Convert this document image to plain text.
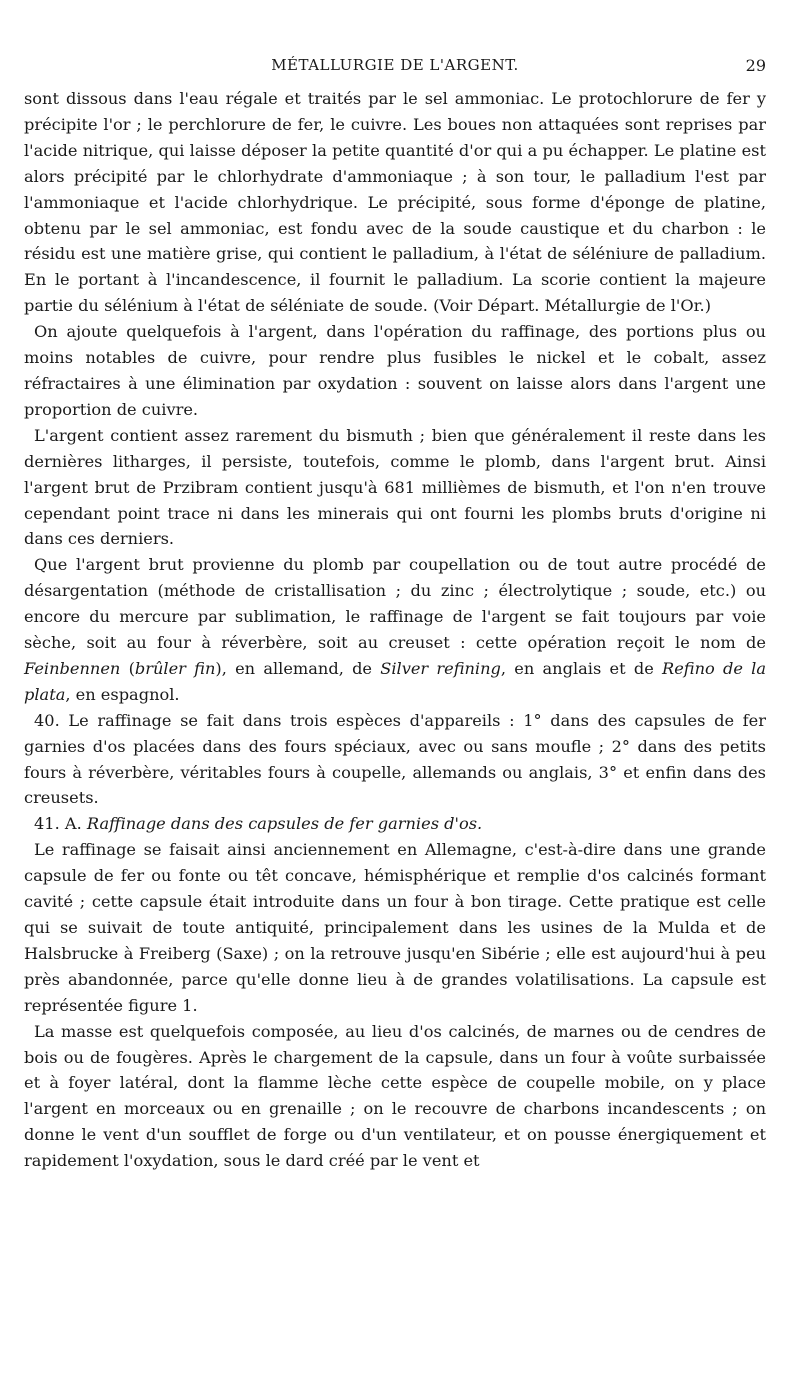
MÉTALLURGIE DE L'ARGENT.	29

sont dissous dans l'eau régale et traités par le sel ammoniac. Le protochlorure de fer y précipite l'or ; le perchlorure de fer, le cuivre. Les boues non attaquées sont reprises par l'acide nitrique, qui laisse déposer la petite quantité d'or qui a pu échapper. Le platine est alors précipité par le chlorhydrate d'ammoniaque ; à son tour, le palladium l'est par l'ammoniaque et l'acide chlorhydrique. Le précipité, sous forme d'éponge de platine, obtenu par le sel ammoniac, est fondu avec de la soude caustique et du charbon : le résidu est une matière grise, qui contient le palladium, à l'état de séléniure de palladium. En le portant à l'incandescence, il fournit le palladium. La scorie contient la majeure partie du sélénium à l'état de séléniate de soude. (Voir Départ. Métallurgie de l'Or.)

On ajoute quelquefois à l'argent, dans l'opération du raffinage, des portions plus ou moins notables de cuivre, pour rendre plus fusibles le nickel et le cobalt, assez réfractaires à une élimination par oxydation : souvent on laisse alors dans l'argent une proportion de cuivre.

L'argent contient assez rarement du bismuth ; bien que généralement il reste dans les dernières litharges, il persiste, toutefois, comme le plomb, dans l'argent brut. Ainsi l'argent brut de Przibram contient jusqu'à 681 millièmes de bismuth, et l'on n'en trouve cependant point trace ni dans les minerais qui ont fourni les plombs bruts d'origine ni dans ces derniers.

Que l'argent brut provienne du plomb par coupellation ou de tout autre procédé de désargentation (méthode de cristallisation ; du zinc ; électrolytique ; soude, etc.) ou encore du mercure par sublimation, le raffinage de l'argent se fait toujours par voie sèche, soit au four à réverbère, soit au creuset : cette opération reçoit le nom de Feinbennen (brûler fin), en allemand, de Silver refining, en anglais et de Refino de la plata, en espagnol.

40. Le raffinage se fait dans trois espèces d'appareils : 1° dans des capsules de fer garnies d'os placées dans des fours spéciaux, avec ou sans moufle ; 2° dans des petits fours à réverbère, véritables fours à coupelle, allemands ou anglais, 3° et enfin dans des creusets.

41. A. Raffinage dans des capsules de fer garnies d'os.

Le raffinage se faisait ainsi anciennement en Allemagne, c'est-à-dire dans une grande capsule de fer ou fonte ou têt concave, hémisphérique et remplie d'os calcinés formant cavité ; cette capsule était introduite dans un four à bon tirage. Cette pratique est celle qui se suivait de toute antiquité, principalement dans les usines de la Mulda et de Halsbrucke à Freiberg (Saxe) ; on la retrouve jusqu'en Sibérie ; elle est aujourd'hui à peu près abandonnée, parce qu'elle donne lieu à de grandes volatilisations. La capsule est représentée figure 1.

La masse est quelquefois composée, au lieu d'os calcinés, de marnes ou de cendres de bois ou de fougères. Après le chargement de la capsule, dans un four à voûte surbaissée et à foyer latéral, dont la flamme lèche cette espèce de coupelle mobile, on y place l'argent en morceaux ou en grenaille ; on le recouvre de charbons incandescents ; on donne le vent d'un soufflet de forge ou d'un ventilateur, et on pousse énergiquement et rapidement l'oxydation, sous le dard créé par le vent et
